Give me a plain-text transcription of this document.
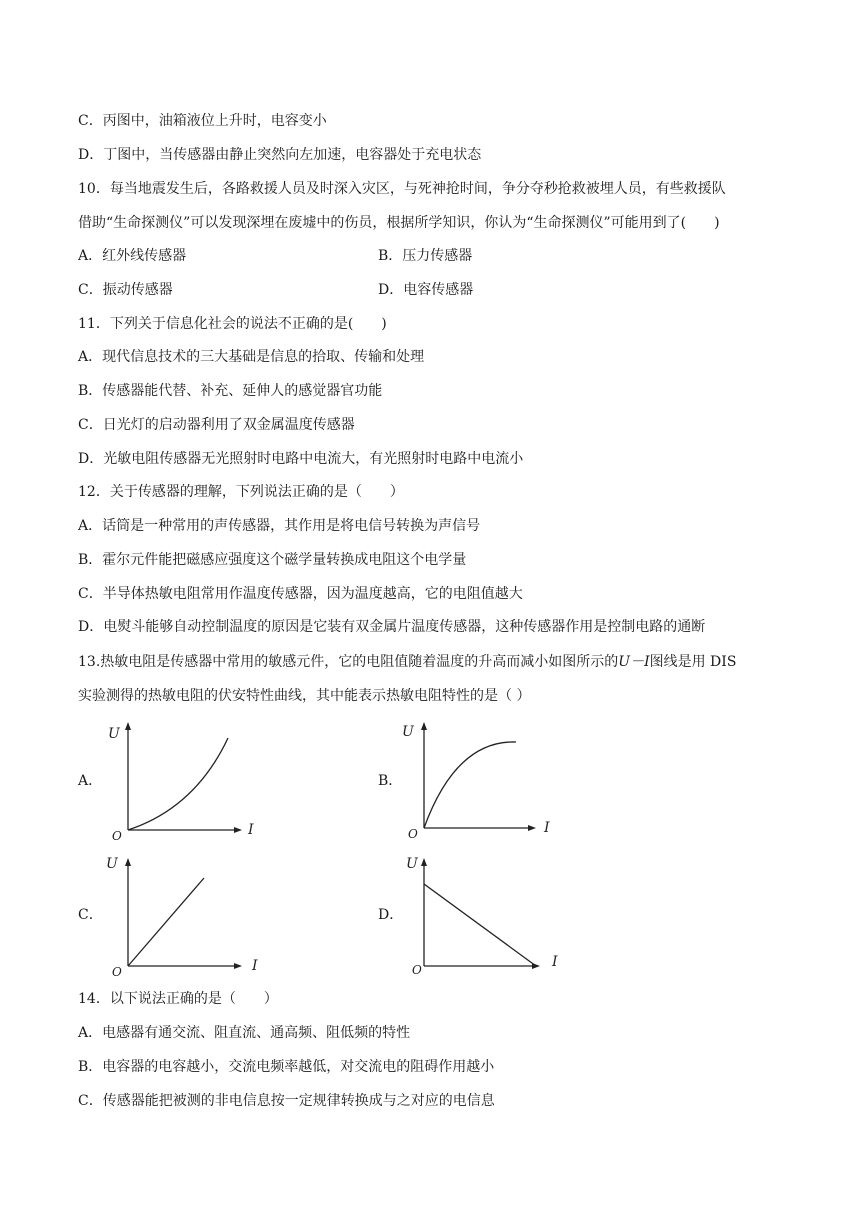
C．丙图中，油箱液位上升时，电容变小
D．丁图中，当传感器由静止突然向左加速，电容器处于充电状态
10．每当地震发生后，各路救援人员及时深入灾区，与死神抢时间，争分夺秒抢救被埋人员，有些救援队
借助“生命探测仪”可以发现深埋在废墟中的伤员，根据所学知识，你认为“生命探测仪”可能用到了(　　)
A．红外线传感器	B．压力传感器
C．振动传感器	D．电容传感器
11．下列关于信息化社会的说法不正确的是(　　)
A．现代信息技术的三大基础是信息的拾取、传输和处理
B．传感器能代替、补充、延伸人的感觉器官功能
C．日光灯的启动器利用了双金属温度传感器
D．光敏电阻传感器无光照射时电路中电流大，有光照射时电路中电流小
12．关于传感器的理解，下列说法正确的是（　　）
A．话筒是一种常用的声传感器，其作用是将电信号转换为声信号
B．霍尔元件能把磁感应强度这个磁学量转换成电阻这个电学量
C．半导体热敏电阻常用作温度传感器，因为温度越高，它的电阻值越大
D．电熨斗能够自动控制温度的原因是它装有双金属片温度传感器，这种传感器作用是控制电路的通断
13.热敏电阻是传感器中常用的敏感元件，它的电阻值随着温度的升高而减小如图所示的U－I图线是用 DIS
实验测得的热敏电阻的伏安特性曲线，其中能表示热敏电阻特性的是（ ）
A．	B．
C．	D．
U
I
O
U
I
O
U
I
O
U
I
O
14．以下说法正确的是（　　）
A．电感器有通交流、阻直流、通高频、阻低频的特性
B．电容器的电容越小，交流电频率越低，对交流电的阻碍作用越小
C．传感器能把被测的非电信息按一定规律转换成与之对应的电信息
